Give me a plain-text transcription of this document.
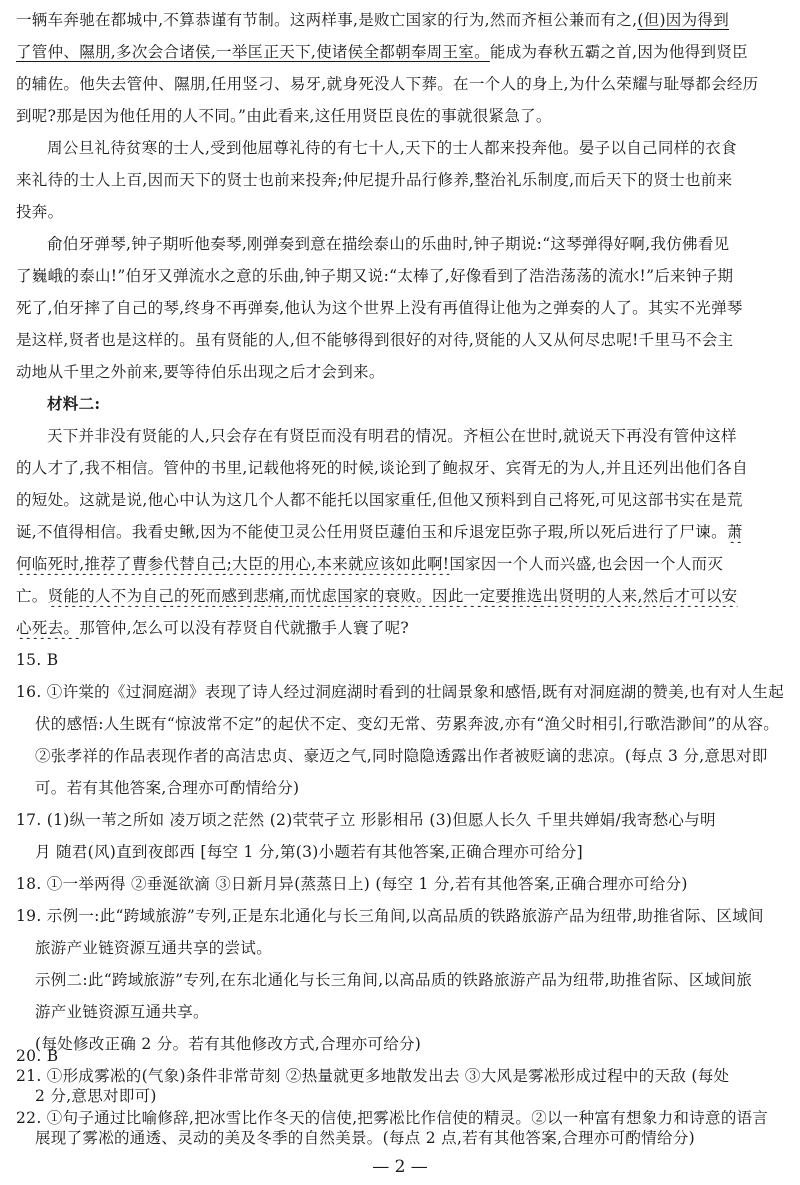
一辆车奔驰在都城中,不算恭谨有节制。这两样事,是败亡国家的行为,然而齐桓公兼而有之,(但)因为得到
了管仲、隰朋,多次会合诸侯,一举匡正天下,使诸侯全都朝奉周王室。能成为春秋五霸之首,因为他得到贤臣
的辅佐。他失去管仲、隰朋,任用竖刁、易牙,就身死没人下葬。在一个人的身上,为什么荣耀与耻辱都会经历
到呢?那是因为他任用的人不同。”由此看来,这任用贤臣良佐的事就很紧急了。
周公旦礼待贫寒的士人,受到他屈尊礼待的有七十人,天下的士人都来投奔他。晏子以自己同样的衣食
来礼待的士人上百,因而天下的贤士也前来投奔;仲尼提升品行修养,整治礼乐制度,而后天下的贤士也前来
投奔。
俞伯牙弹琴,钟子期听他奏琴,刚弹奏到意在描绘泰山的乐曲时,钟子期说:“这琴弹得好啊,我仿佛看见
了巍峨的泰山!”伯牙又弹流水之意的乐曲,钟子期又说:“太棒了,好像看到了浩浩荡荡的流水!”后来钟子期
死了,伯牙摔了自己的琴,终身不再弹奏,他认为这个世界上没有再值得让他为之弹奏的人了。其实不光弹琴
是这样,贤者也是这样的。虽有贤能的人,但不能够得到很好的对待,贤能的人又从何尽忠呢!千里马不会主
动地从千里之外前来,要等待伯乐出现之后才会到来。
材料二:
天下并非没有贤能的人,只会存在有贤臣而没有明君的情况。齐桓公在世时,就说天下再没有管仲这样
的人才了,我不相信。管仲的书里,记载他将死的时候,谈论到了鲍叔牙、宾胥无的为人,并且还列出他们各自
的短处。这就是说,他心中认为这几个人都不能托以国家重任,但他又预料到自己将死,可见这部书实在是荒
诞,不值得相信。我看史鳅,因为不能使卫灵公任用贤臣蘧伯玉和斥退宠臣弥子瑕,所以死后进行了尸谏。萧
何临死时,推荐了曹参代替自己;大臣的用心,本来就应该如此啊!国家因一个人而兴盛,也会因一个人而灭
亡。贤能的人不为自己的死而感到悲痛,而忧虑国家的衰败。因此一定要推选出贤明的人来,然后才可以安
心死去。那管仲,怎么可以没有荐贤自代就撒手人寰了呢?
15. B
16. ①许棠的《过洞庭湖》表现了诗人经过洞庭湖时看到的壮阔景象和感悟,既有对洞庭湖的赞美,也有对人生起
伏的感悟:人生既有“惊波常不定”的起伏不定、变幻无常、劳累奔波,亦有“渔父时相引,行歌浩渺间”的从容。
②张孝祥的作品表现作者的高洁忠贞、豪迈之气,同时隐隐透露出作者被贬谪的悲凉。(每点 3 分,意思对即
可。若有其他答案,合理亦可酌情给分)
17. (1)纵一苇之所如 凌万顷之茫然 (2)茕茕孑立 形影相吊 (3)但愿人长久 千里共婵娟/我寄愁心与明
月 随君(风)直到夜郎西 [每空 1 分,第(3)小题若有其他答案,正确合理亦可给分]
18. ①一举两得 ②垂涎欲滴 ③日新月异(蒸蒸日上) (每空 1 分,若有其他答案,正确合理亦可给分)
19. 示例一:此“跨域旅游”专列,正是东北通化与长三角间,以高品质的铁路旅游产品为纽带,助推省际、区域间
旅游产业链资源互通共享的尝试。
示例二:此“跨域旅游”专列,在东北通化与长三角间,以高品质的铁路旅游产品为纽带,助推省际、区域间旅
游产业链资源互通共享。
(每处修改正确 2 分。若有其他修改方式,合理亦可给分)
20. B
21. ①形成雾凇的(气象)条件非常苛刻 ②热量就更多地散发出去 ③大风是雾凇形成过程中的天敌 (每处
2 分,意思对即可)
22. ①句子通过比喻修辞,把冰雪比作冬天的信使,把雾凇比作信使的精灵。②以一种富有想象力和诗意的语言
展现了雾凇的通透、灵动的美及冬季的自然美景。(每点 2 点,若有其他答案,合理亦可酌情给分)
— 2 —
